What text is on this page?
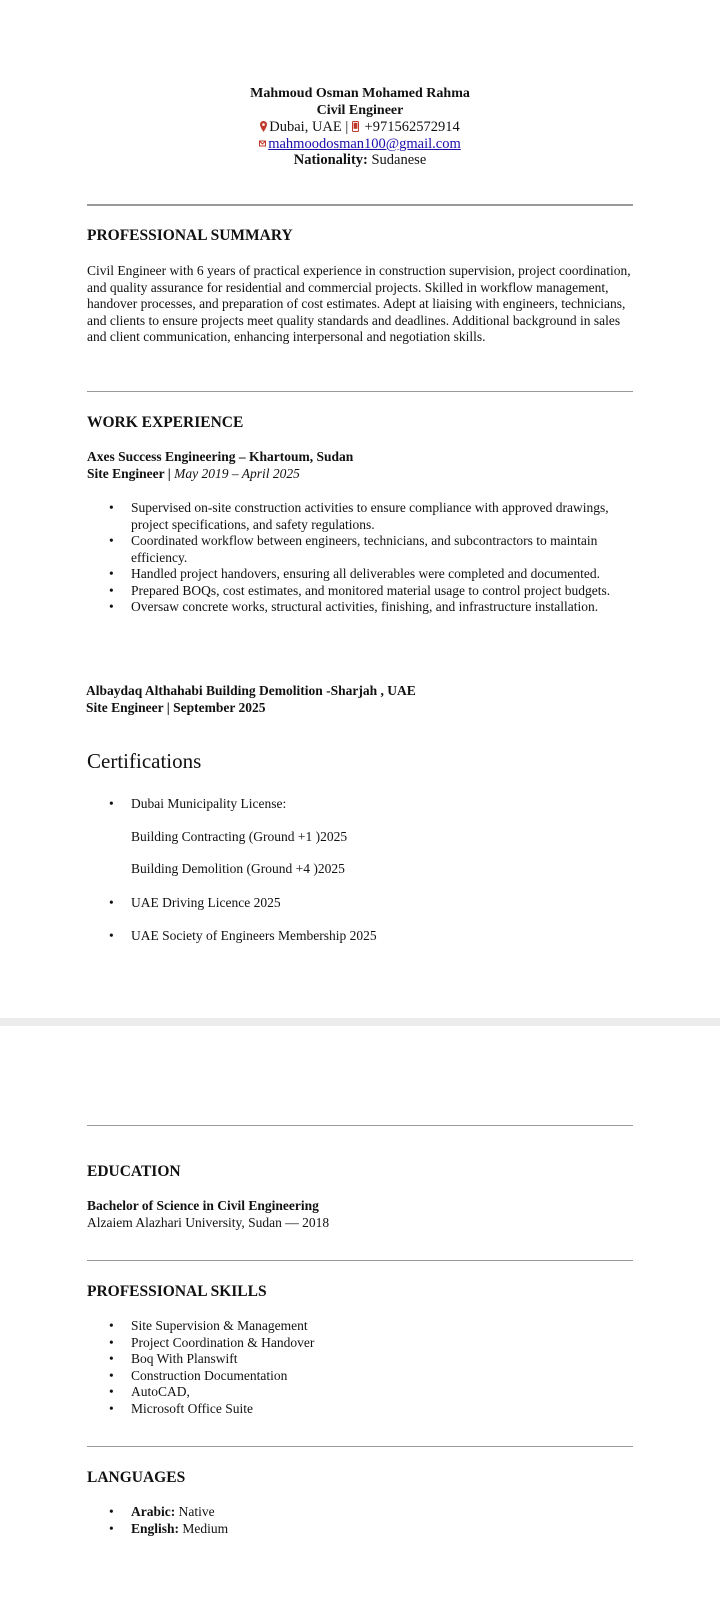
Mahmoud Osman Mohamed Rahma
Civil Engineer
Dubai, UAE | +971562572914
mahmoodosman100@gmail.com
Nationality: Sudanese
PROFESSIONAL SUMMARY

Civil Engineer with 6 years of practical experience in construction supervision, project coordination, and quality assurance for residential and commercial projects. Skilled in workflow management, handover processes, and preparation of cost estimates. Adept at liaising with engineers, technicians, and clients to ensure projects meet quality standards and deadlines. Additional background in sales and client communication, enhancing interpersonal and negotiation skills.

WORK EXPERIENCE
Axes Success Engineering – Khartoum, Sudan
Site Engineer | May 2019 – April 2025
• Supervised on-site construction activities to ensure compliance with approved drawings, project specifications, and safety regulations.
• Coordinated workflow between engineers, technicians, and subcontractors to maintain efficiency.
• Handled project handovers, ensuring all deliverables were completed and documented.
• Prepared BOQs, cost estimates, and monitored material usage to control project budgets.
• Oversaw concrete works, structural activities, finishing, and infrastructure installation.
Albaydaq Althahabi Building Demolition -Sharjah , UAE
Site Engineer | September 2025
Certifications
• Dubai Municipality License:
Building Contracting (Ground +1 )2025
Building Demolition (Ground +4 )2025
• UAE Driving Licence 2025
• UAE Society of Engineers Membership 2025
EDUCATION
Bachelor of Science in Civil Engineering
Alzaiem Alazhari University, Sudan — 2018
PROFESSIONAL SKILLS
• Site Supervision & Management
• Project Coordination & Handover
• Boq With Planswift
• Construction Documentation
• AutoCAD,
• Microsoft Office Suite
LANGUAGES
• Arabic: Native
• English: Medium
